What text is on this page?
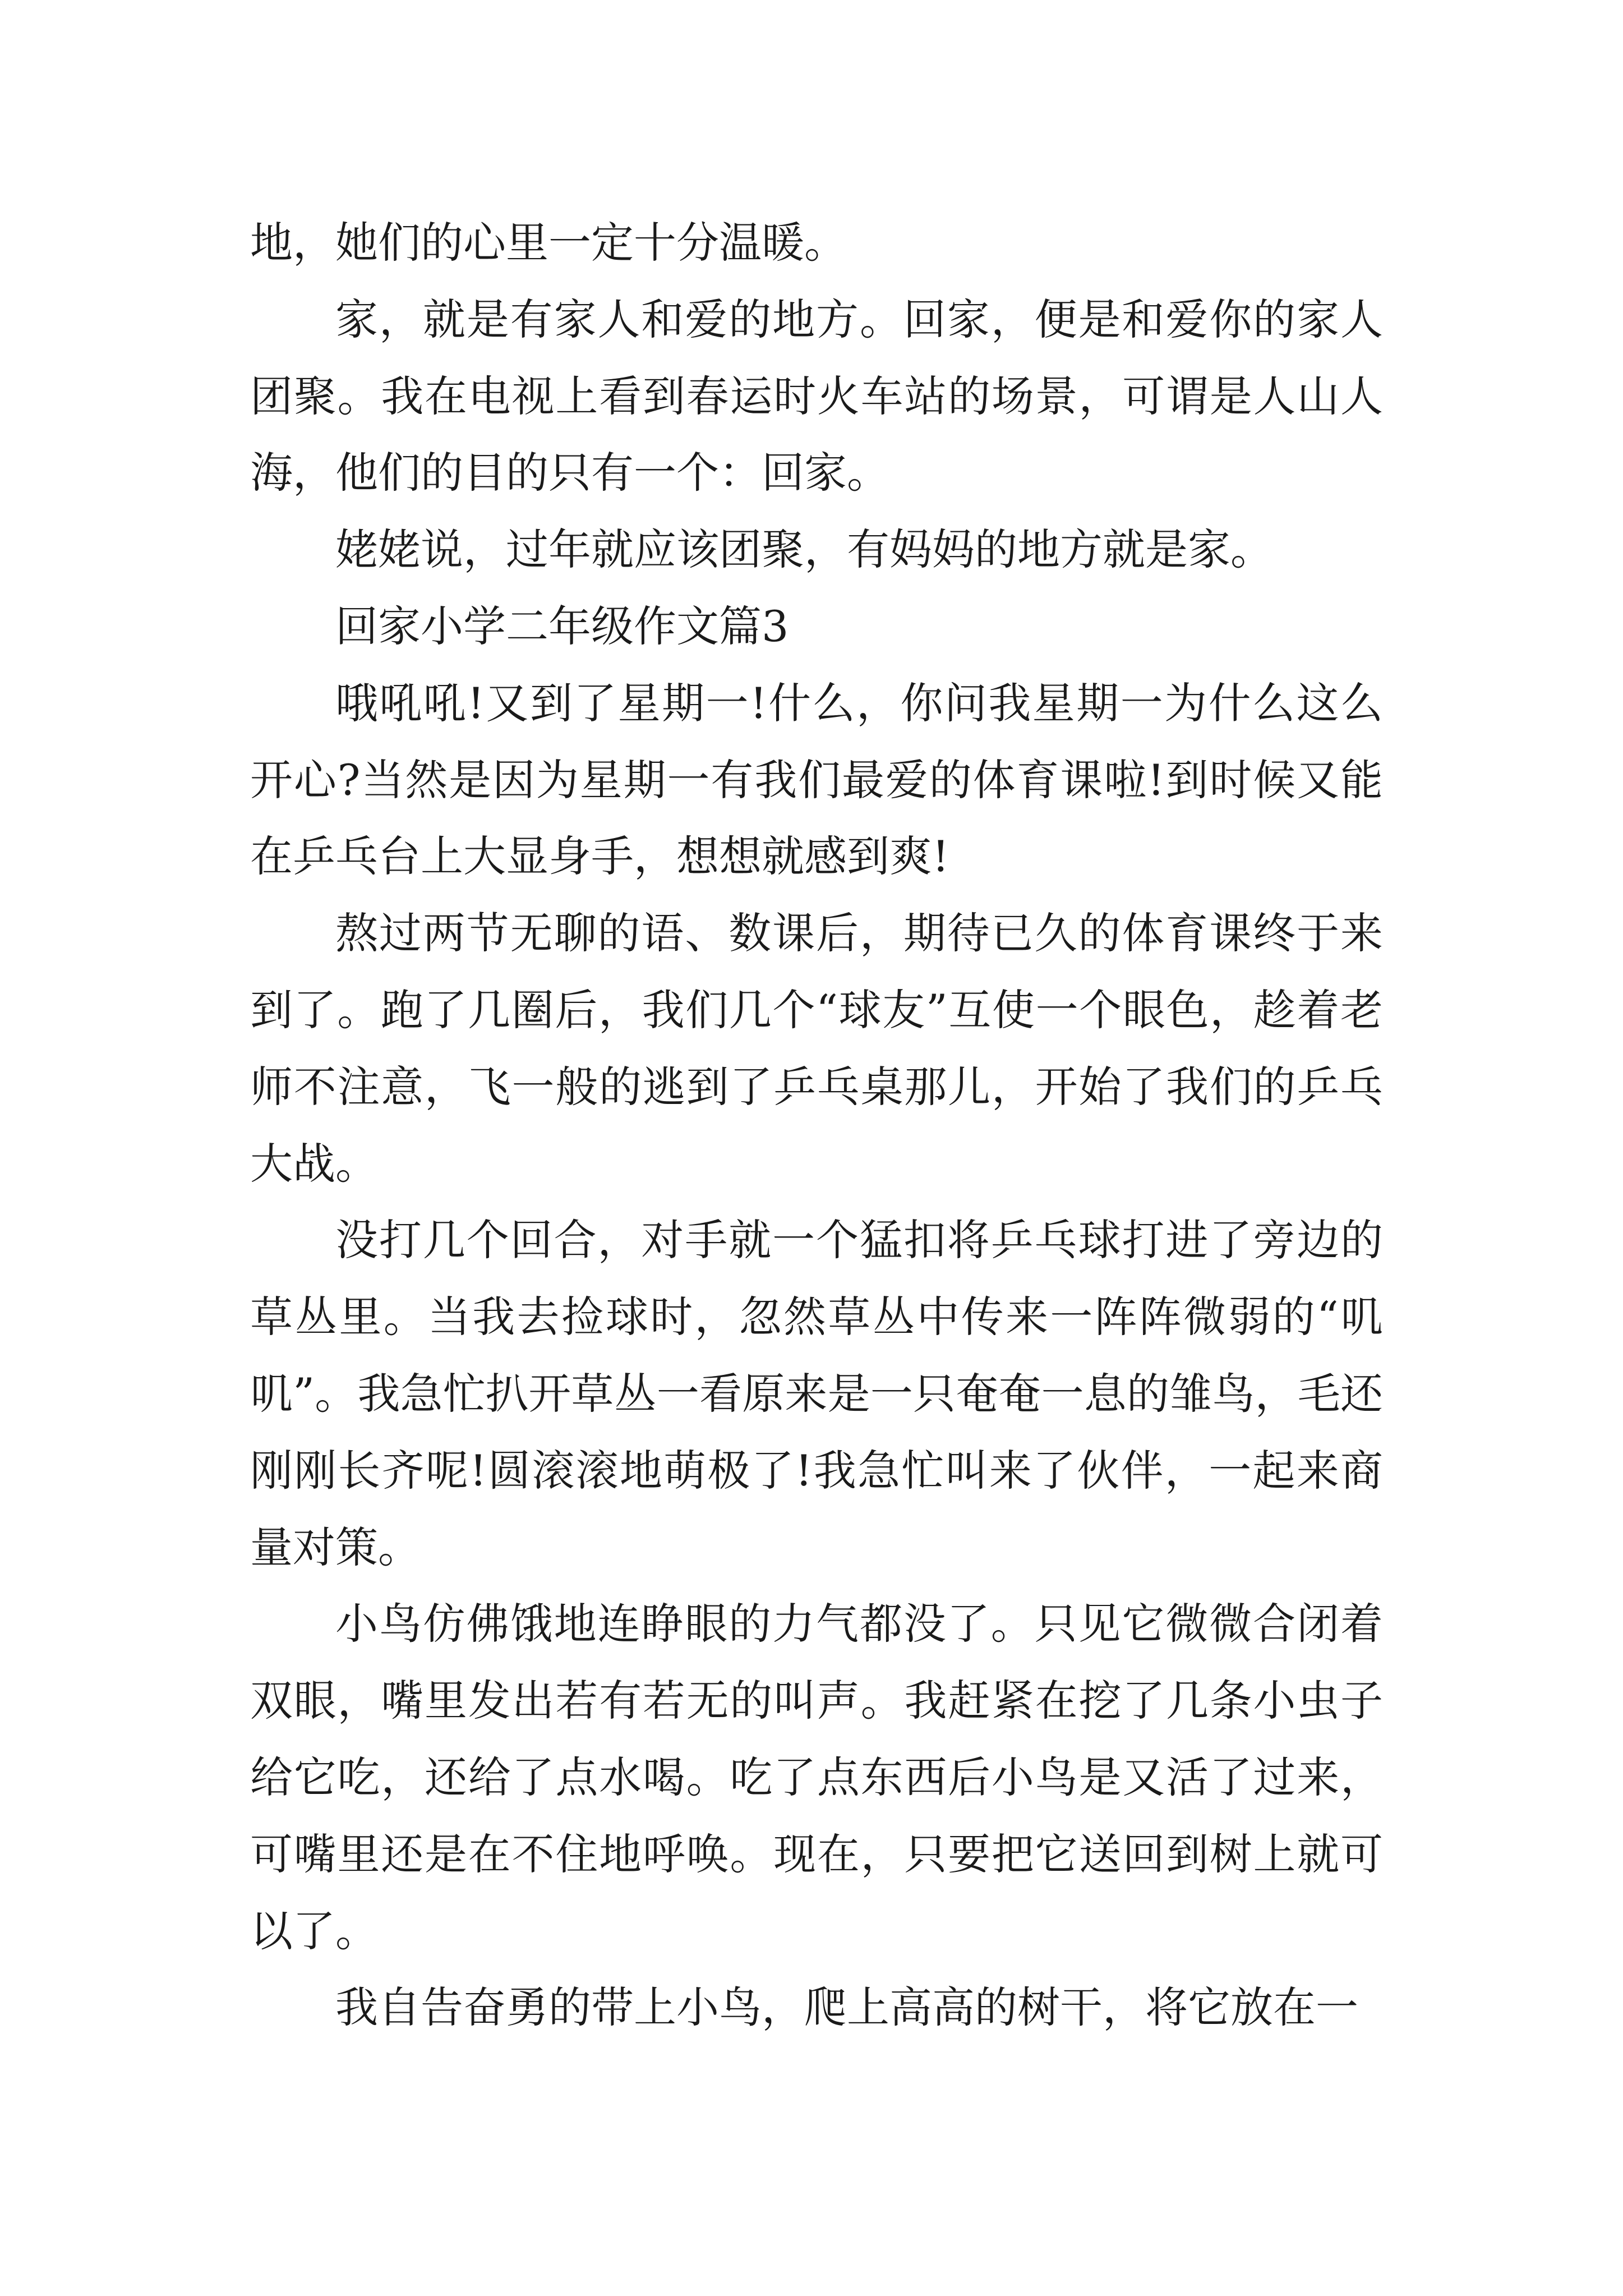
地，她们的心里一定十分温暖。

家，就是有家人和爱的地方。回家，便是和爱你的家人团聚。我在电视上看到春运时火车站的场景，可谓是人山人海，他们的目的只有一个：回家。

姥姥说，过年就应该团聚，有妈妈的地方就是家。

回家小学二年级作文篇3

哦吼吼!又到了星期一!什么，你问我星期一为什么这么开心?当然是因为星期一有我们最爱的体育课啦!到时候又能在乒乓台上大显身手，想想就感到爽!

熬过两节无聊的语、数课后，期待已久的体育课终于来到了。跑了几圈后，我们几个“球友”互使一个眼色，趁着老师不注意，飞一般的逃到了乒乓桌那儿，开始了我们的乒乓大战。

没打几个回合，对手就一个猛扣将乒乓球打进了旁边的草丛里。当我去捡球时，忽然草丛中传来一阵阵微弱的“叽叽”。我急忙扒开草丛一看原来是一只奄奄一息的雏鸟，毛还刚刚长齐呢!圆滚滚地萌极了!我急忙叫来了伙伴，一起来商量对策。

小鸟仿佛饿地连睁眼的力气都没了。只见它微微合闭着双眼，嘴里发出若有若无的叫声。我赶紧在挖了几条小虫子给它吃，还给了点水喝。吃了点东西后小鸟是又活了过来，可嘴里还是在不住地呼唤。现在，只要把它送回到树上就可以了。

我自告奋勇的带上小鸟，爬上高高的树干，将它放在一
